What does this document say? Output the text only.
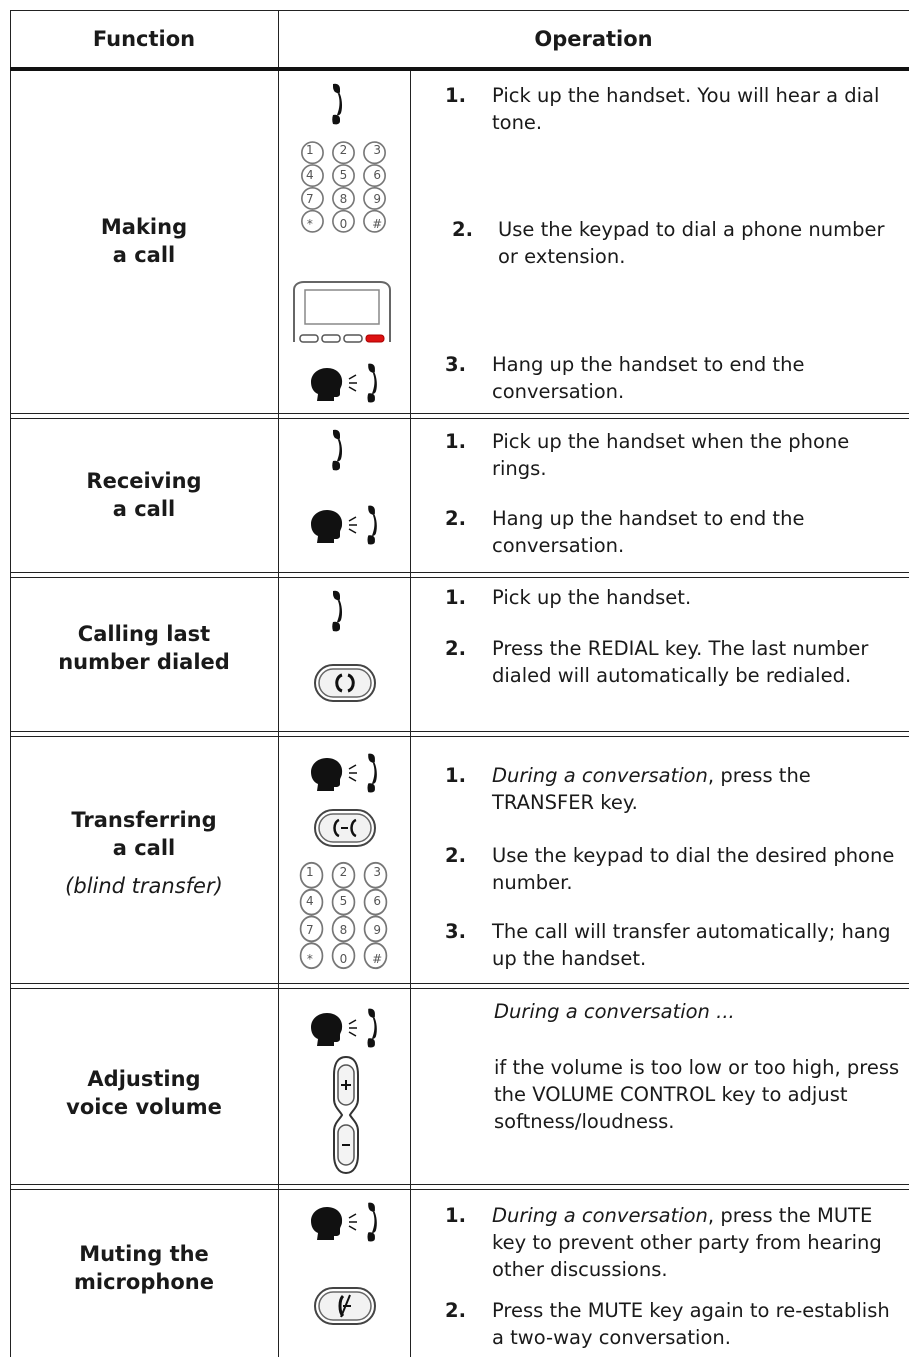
Function	Operation
Making
a call
1	2	3
4	5	6
7	8	9
*	0	#
1. Pick up the handset. You will hear a dial tone.
2. Use the keypad to dial a phone number or extension.
3. Hang up the handset to end the conversation.
Receiving
a call
1. Pick up the handset when the phone rings.
2. Hang up the handset to end the conversation.
Calling last
number dialed
1. Pick up the handset.
2. Press the REDIAL key. The last number dialed will automatically be redialed.
Transferring
a call
(blind transfer)
1	2	3
4	5	6
7	8	9
*	0	#
1. During a conversation, press the TRANSFER key.
2. Use the keypad to dial the desired phone number.
3. The call will transfer automatically; hang up the handset.
Adjusting
voice volume
During a conversation ...
if the volume is too low or too high, press the VOLUME CONTROL key to adjust softness/loudness.
Muting the
microphone
1. During a conversation, press the MUTE key to prevent other party from hearing other discussions.
2. Press the MUTE key again to re-establish a two-way conversation.
